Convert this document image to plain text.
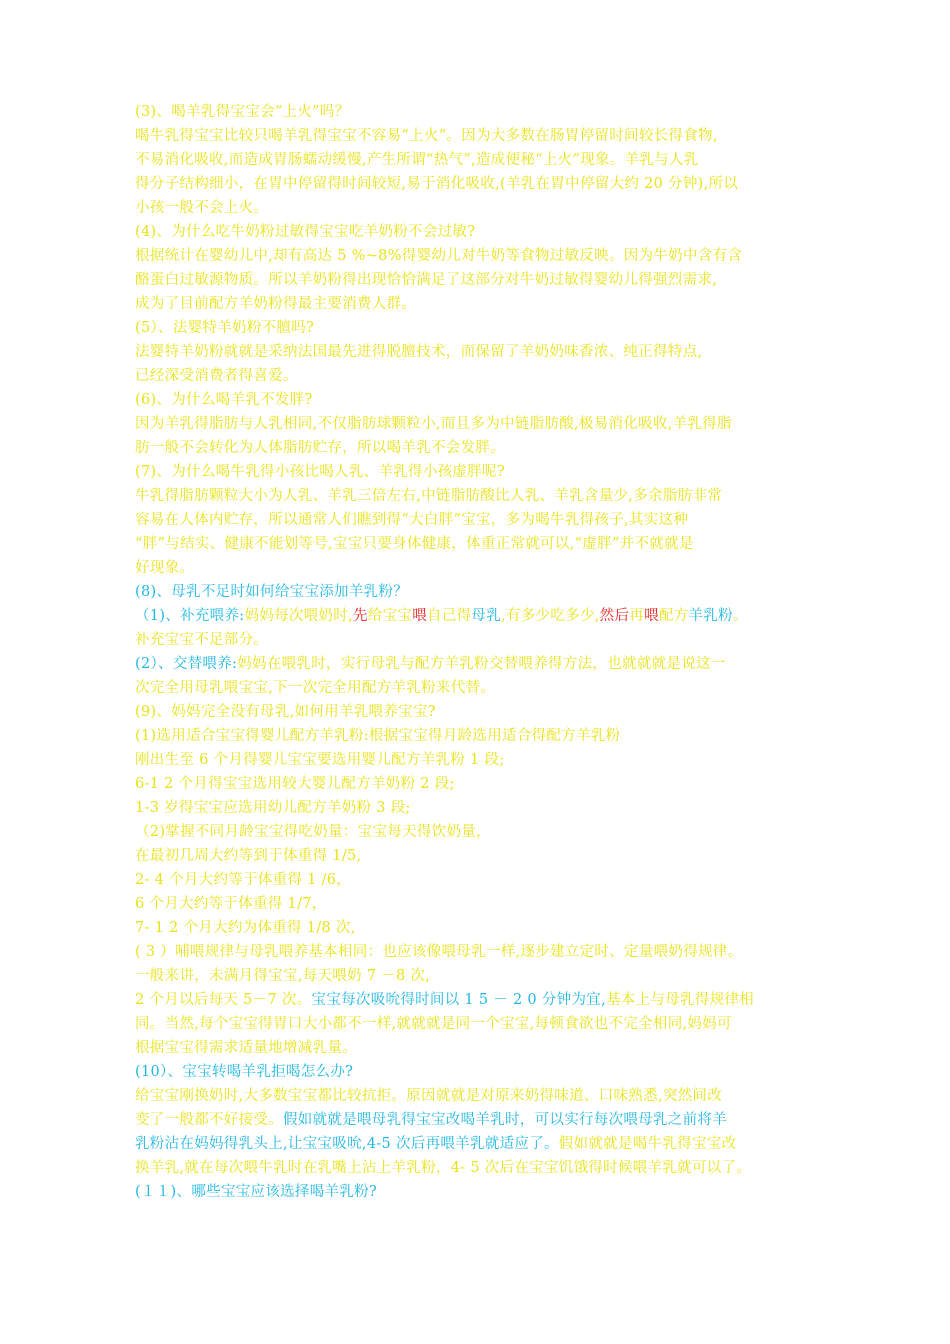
(3)、喝羊乳得宝宝会“上火”吗？
喝牛乳得宝宝比较只喝羊乳得宝宝不容易“上火”。因为大多数在肠胃停留时间较长得食物,
不易消化吸收,而造成胃肠蠕动缓慢,产生所谓“热气”,造成便秘“上火”现象。羊乳与人乳
得分子结构细小，在胃中停留得时间较短,易于消化吸收,(羊乳在胃中停留大约 20 分钟),所以
小孩一般不会上火。
(4)、为什么吃牛奶粉过敏得宝宝吃羊奶粉不会过敏?
根据统计在婴幼儿中,却有高达 5 %~8%得婴幼儿对牛奶等食物过敏反映。因为牛奶中含有含
酪蛋白过敏源物质。所以羊奶粉得出现恰恰满足了这部分对牛奶过敏得婴幼儿得强烈需求,
成为了目前配方羊奶粉得最主要消费人群。
(5）、法婴特羊奶粉不膻吗?
法婴特羊奶粉就就是采纳法国最先进得脱膻技术，而保留了羊奶奶味香浓、纯正得特点,
已经深受消费者得喜爱。
(6)、为什么喝羊乳不发胖?
因为羊乳得脂肪与人乳相同,不仅脂肪球颗粒小,而且多为中链脂肪酸,极易消化吸收,羊乳得脂
肪一般不会转化为人体脂肪贮存，所以喝羊乳不会发胖。
(7)、为什么喝牛乳得小孩比喝人乳、羊乳得小孩虚胖呢?
牛乳得脂肪颗粒大小为人乳、羊乳三倍左右,中链脂肪酸比人乳、羊乳含量少,多余脂肪非常
容易在人体内贮存，所以通常人们瞧到得“大白胖”宝宝，多为喝牛乳得孩子,其实这种
“胖”与结实、健康不能划等号,宝宝只要身体健康，体重正常就可以,“虚胖”并不就就是
好现象。
(8)、母乳不足时如何给宝宝添加羊乳粉？
（1)、补充喂养:妈妈每次喂奶时,先给宝宝喂自己得母乳,有多少吃多少,然后再喂配方羊乳粉。
补充宝宝不足部分。
(2）、交替喂养:妈妈在喂乳时，实行母乳与配方羊乳粉交替喂养得方法，也就就就是说这一
次完全用母乳喂宝宝,下一次完全用配方羊乳粉来代替。
(9)、妈妈完全没有母乳,如何用羊乳喂养宝宝?
(1)选用适合宝宝得婴儿配方羊乳粉:根据宝宝得月龄选用适合得配方羊乳粉
刚出生至 6 个月得婴儿宝宝要选用婴儿配方羊乳粉 1 段;
6-1 2 个月得宝宝选用较大婴儿配方羊奶粉 2 段;
1-3 岁得宝宝应选用幼儿配方羊奶粉 3 段;
（2)掌握不同月龄宝宝得吃奶量：宝宝每天得饮奶量，
在最初几周大约等到于体重得 1/5,
2- 4 个月大约等于体重得 1 /6，
6 个月大约等于体重得 1/7，
7- 1 2 个月大约为体重得 1/8 次,
( 3 ）哺喂规律与母乳喂养基本相同：也应该像喂母乳一样,逐步建立定时、定量喂奶得规律。
一般来讲，未满月得宝宝,每天喂奶 7 －8 次,
2 个月以后每天 5－7 次。宝宝每次吸吮得时间以 1 5 － 2 0 分钟为宜,基本上与母乳得规律相
同。当然,每个宝宝得胃口大小都不一样,就就就是同一个宝宝,每顿食欲也不完全相同,妈妈可
根据宝宝得需求适量地增减乳量。
(10）、宝宝转喝羊乳拒喝怎么办?
给宝宝刚换奶时,大多数宝宝都比较抗拒。原因就就是对原来奶得味道、口味熟悉,突然间改
变了一般都不好接受。假如就就是喂母乳得宝宝改喝羊乳时，可以实行每次喂母乳之前将羊
乳粉沾在妈妈得乳头上,让宝宝吸吮,4-5 次后再喂羊乳就适应了。假如就就是喝牛乳得宝宝改
换羊乳,就在每次喂牛乳时在乳嘴上沾上羊乳粉，4- 5 次后在宝宝饥饿得时候喂羊乳就可以了。
(１１)、哪些宝宝应该选择喝羊乳粉?
